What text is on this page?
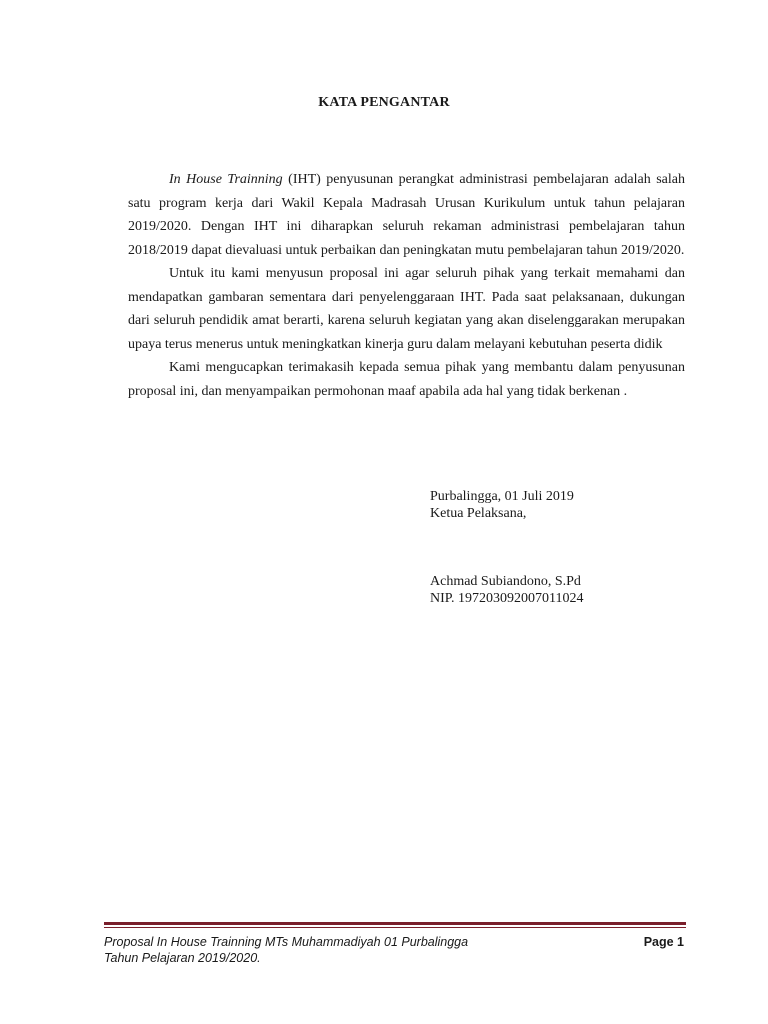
KATA PENGANTAR

In House Trainning (IHT) penyusunan perangkat administrasi pembelajaran adalah salah satu program kerja dari Wakil Kepala Madrasah Urusan Kurikulum untuk tahun pelajaran 2019/2020. Dengan IHT ini diharapkan seluruh rekaman administrasi pembelajaran tahun 2018/2019 dapat dievaluasi untuk perbaikan dan peningkatan mutu pembelajaran tahun 2019/2020.

Untuk itu kami menyusun proposal ini agar seluruh pihak yang terkait memahami dan mendapatkan gambaran sementara dari penyelenggaraan IHT. Pada saat pelaksanaan, dukungan dari seluruh pendidik amat berarti, karena seluruh kegiatan yang akan diselenggarakan merupakan upaya terus menerus untuk meningkatkan kinerja guru dalam melayani kebutuhan peserta didik

Kami mengucapkan terimakasih kepada semua pihak yang membantu dalam penyusunan proposal ini, dan menyampaikan permohonan maaf apabila ada hal yang tidak berkenan .

Purbalingga, 01 Juli 2019
Ketua Pelaksana,
Achmad Subiandono, S.Pd
NIP. 197203092007011024
Proposal In House Trainning MTs Muhammadiyah 01 Purbalingga
Tahun Pelajaran 2019/2020.
Page 1
